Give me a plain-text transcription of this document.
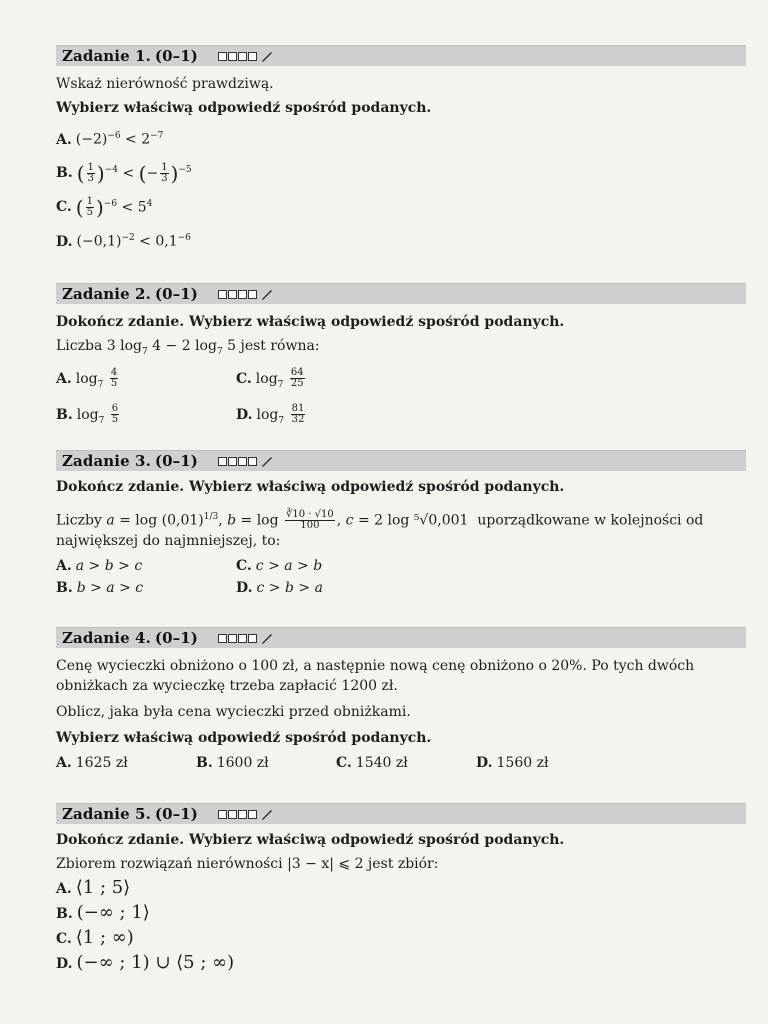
Zadanie 1. (0–1)
Wskaż nierówność prawdziwą.
Wybierz właściwą odpowiedź spośród podanych.
A. $(-2)^{-6} < 2^{-7}$
B. ( $\frac{1}{3} )^{-4}$ < (− $\frac{1}{3} )^{-5}$
C. ( $\frac{1}{5} )^{-6} < 5^4$
D. $(-0,1)^{-2} < 0,1^{-6}$
Zadanie 2. (0–1)
Dokończ zdanie. Wybierz właściwą odpowiedź spośród podanych.
Liczba 3 $\log_7 4 - 2$ $\log_7 5$ jest równa:
A. $\log_7 \frac{4}{5}$	C. $\log_7 \frac{64}{25}$
B. $\log_7 \frac{6}{5}$	D. $\log_7 \frac{81}{32}$
Zadanie 3. (0–1)
Dokończ zdanie. Wybierz właściwą odpowiedź spośród podanych.
Liczby $a = \log (0,01)^{1/3}$, $b = \log \frac{∛10 \cdot √10}{100}$ , c = 2 log ⁵√0,001  uporządkowane w kolejności od
największej do najmniejszej, to:
A. a > b > c	C. c > a > b
B. b > a > c	D. c > b > a
Zadanie 4. (0–1)
Cenę wycieczki obniżono o 100 zł, a następnie nową cenę obniżono o 20%. Po tych dwóch
obniżkach za wycieczkę trzeba zapłacić 1200 zł.
Oblicz, jaka była cena wycieczki przed obniżkami.
Wybierz właściwą odpowiedź spośród podanych.
A. 1625 zł	B. 1600 zł	C. 1540 zł	D. 1560 zł
Zadanie 5. (0–1)
Dokończ zdanie. Wybierz właściwą odpowiedź spośród podanych.
Zbiorem rozwiązań nierówności |3 − x| ⩽ 2 jest zbiór:
A. ⟨1 ; 5⟩
B. (−∞ ; 1⟩
C. ⟨1 ; ∞)
D. (−∞ ; 1) ∪ ⟨5 ; ∞)
